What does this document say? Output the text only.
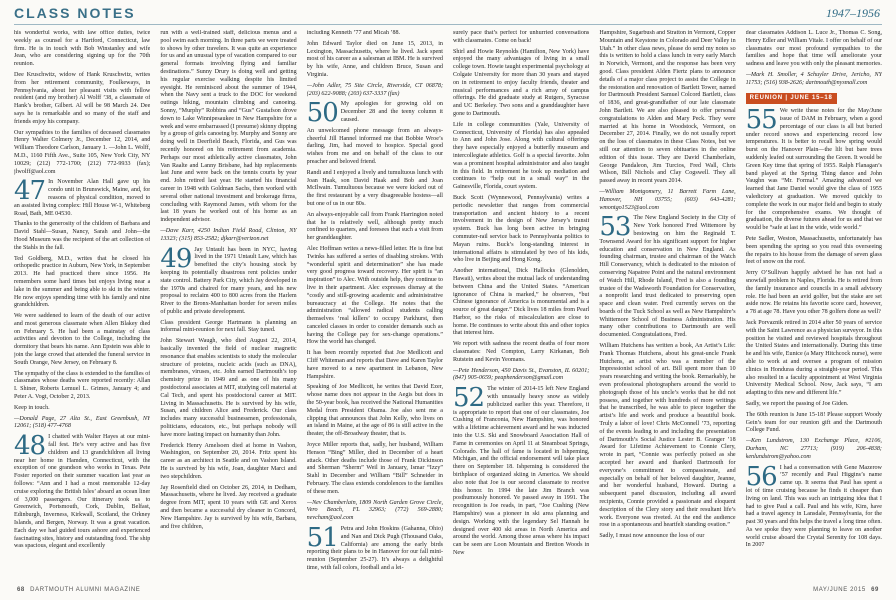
CLASS NOTES	1947–1956

his wonderful works, with law office duties, twice weekly as counsel for a Hartford, Connecticut, law firm. He is in touch with Bob Winstanley and wife Jean, who are considering signing up for the 70th reunion.

Dee Kruschwitz, widow of Hank Kruschwitz, writes from her retirement community, Foulkeways, in Pennsylvania, about her pleasant visits with fellow resident (and my brother) Al Wolff ’38, a classmate of Hank’s brother, Gilbert. Al will be 98 March 24. Dee says he is remarkable and so many of the staff and friends enjoy his company.

Our sympathies to the families of deceased classmates Henry Walter Colmery Jr., December 12, 2014, and William Theodore Carlson, January 1. —John L. Wolff, M.D., 1160 Fifth Ave., Suite 105, New York City, NY 10029; (212) 772-1700; (212) 772-9933 (fax); jlwolff@aol.com

47 In November Alan Hall gave up his condo unit in Brunswick, Maine, and, for reasons of physical condition, moved to an assisted living complex: Hill House W-1, Whiteberg Road, Bath, ME 04530.

Thanks to the generosity of the children of Barbara and David Stahl—Susan, Nancy, Sarah and John—the Hood Museum was the recipient of the art collection of the Stahls in the fall.

Ted Goldberg, M.D., writes that he closed his orthopedic practice in Auburn, New York, in September 2013. He had practiced there since 1956. He remembers some hard times but enjoys living near a lake in the summer and being able to ski in the winter. He now enjoys spending time with his family and nine grandchildren.

We were saddened to learn of the death of our active and most generous classmate when Allen Blakey died on February 5. He had been a mainstay of class activities and devotion to the College, including the dormitory that bears his name. Ann Epstein was able to join the large crowd that attended the funeral service in South Orange, New Jersey, on February 8.

The sympathy of the class is extended to the families of classmates whose deaths were reported recently: Allan I. Shiner, Roberts Lemuel L. Grimes, January 4; and Peter A. Vogt, October 2, 2013.

Keep in touch.

—Donald Page, 27 Alta St., East Greenbush, NY 12061; (518) 477-4768

48 I chatted with Walter Hayes at our mini-fall fest. He’s very active and has five children and 13 grandchildren all living near her home in Hamden, Connecticut, with the exception of one grandson who works in Texas. Pete Foster reported on their summer vacation last year as follows: “Ann and I had a most memorable 12-day cruise exploring the British Isles’ aboard an ocean liner of 3,000 passengers. Our itinerary took us to Greenwich, Portsmouth, Cork, Dublin, Belfast, Edinburgh, Inverness, Kirkwall, Scotland, the Orkney Islands, and Bergen, Norway. It was a great vacation. Each day we had guided tours ashore and experienced fascinating sites, history and outstanding food. The ship was spacious, elegant and excellently

run with a well-trained staff, delicious menus and a pool swim each morning. In three parts we were treated to shows by other travelers. It was quite an experience for us and an unusual type of vacation compared to our general formats involving flying and familiar destinations.” Sunny Drury is doing well and getting his regular exercise walking despite his limited eyesight. He reminisced about the summer of 1944, when the Navy sent a truck to the DOC for weekend outings hiking, mountain climbing and canoeing. Sonny, “Murphy” Robbins and “Gus” Gustafson drove down to Lake Winnipesaukee in New Hampshire for a week and were embarrassed (I presume) skinny dipping by a group of girls canoeing by. Murphy and Sonny are doing well in Deerfield Beach, Florida, and Gus was recently honored on his retirement from academia. Perhaps our most athletically active classmates, John Van Raalte and Lanny Brisbane, had hip replacements last June and were back on the tennis courts by year end. John retired last year. He started his financial career in 1948 with Goldman Sachs, then worked with several other national investment and brokerage firms, concluding with Raymond James, with whom for the last 18 years he worked out of his home as an independent advisor.

—Dave Karr, 4250 Indian Field Road, Clinton, NY 13323; (315) 853-2582; djkarr@verizon.net

49 Jay Untault has been in NYC, having lived in the 1971 Untault Law, which has benefited the city’s housing stock by keeping its potentially disastrous rent policies under state control. Battery Park City, which Jay developed in the 1970s and chaired for many years, and his new proposal to reclaim 400 to 800 acres from the Harlem River to the Bronx-Manhattan border for seven miles of public and private development.

Class president George Hartmann is planning an informal mini-reunion for next fall. Stay tuned.

John Stewart Waugh, who died August 22, 2014, basically invented the field of nuclear magnetic resonance that enables scientists to study the molecular structure of proteins, nucleic acids (such as DNA), membranes, viruses, etc. John earned Dartmouth’s top chemistry prize in 1949 and as one of his many postdoctoral associates at MIT, studying cell material at Cal Tech, and spent his postdoctoral career at MIT. Living in Massachusetts. He is survived by his wife, Susan, and children Alice and Frederick. Our class includes many successful businessmen, professionals, politicians, educators, etc., but perhaps nobody will have more lasting impact on humanity than John.

Frederick Henry Amelsoen died at home in Vashon, Washington, on September 20, 2014. Fritz spent his career as an architect in Seattle and on Vashon Island. He is survived by his wife, Joan, daughter Marci and two stepchildren.

Jay Rosenfield died on October 26, 2014, in Dedham, Massachusetts, where he lived. Jay received a graduate degree from MIT, spent 10 years with GE and Xerox and then became a successful dry cleaner in Concord, New Hampshire. Jay is survived by his wife, Barbara, and five children,

including Kenneth ’77 and Micah ’88.

John Edward Taylor died on June 15, 2013, in Lexington, Massachusetts, where he lived. Jack spent most of his career as a salesman at IBM. He is survived by his wife, Anne, and children Bruce, Susan and Virginia.

—John Adler, 75 Site Circle, Riverside, CT 06878; (203) 622-9088; (203) 637-3337 (fax)

50 My apologies for growing old on December 28 and the teeny column it caused.

An unwelcomed phone message from an always-cheerful Jill Hannel informed me that Bobbie Wroe’s darling, Jim, had moved to hospice. Special good wishes from me and on behalf of the class to our preacher and beloved friend.

Randi and I enjoyed a lively and tumultuous lunch with Joan Haak, son David Haak and Bob and Joan McIlwain. Tumultuous because we were kicked out of the first restaurant by a very disagreeable hostess—all but one of us in our 80s.

An always-enjoyable call from Frank Harrington noted that he is relatively well, although pretty much confined to quarters, and foresees that such a visit from her granddaughter.

Alec Hoffman writes a news-filled letter. He is fine but Twinks has suffered a series of disabling strokes. With “wonderful spirit and determination” she has made very good progress toward recovery. Her spirit is “an inspiration” to Alec. With outside help, they continue to live in their apartment. Alec expresses dismay at the “costly and still-growing academic and administrative bureaucracy at the College. He notes that the administration “allowed radical students calling themselves ‘real killers’ to occupy Parkhurst, then canceled classes in order to consider demands such as having the College pay for sex-change operations.” How the world has changed.

It has been recently reported that Joe Medlicott and Cliff Whiteman and reports that Dave and Karen Taylor have moved to a new apartment in Lebanon, New Hampshire.

Speaking of Joe Medlicott, he writes that David Ezer, whose name does not appear in the Aegis but does in the 50-year book, has received the National Humanities Medal from President Obama. Joe also sent me a clipping that announces that John Kelly, who lives on an island in Maine, at the age of 86 is still active in the theater, the off-Broadway theater, that is.

Joyce Miller reports that, sadly, her husband, William Henson “Bing” Miller, died in December of a heart attack. Other deaths include those of Frank Dickinson and Sherman “Sherm” Weil in January, Ismar “Izzy” Stahl in December and William “Bill” Schneider in February. The class extends condolences to the families of these men.

—Nev Chamberlain, 1809 North Garden Grove Circle, Vero Beach, FL 32963; (772) 569-2880; nevcham@aol.com

51 Petra and John Hoskins (Gahanna, Ohio) and Nan and Dick Pugh (Thousand Oaks, California) are among the early birds reporting their plans to be in Hanover for our fall mini-reunion (September 25-27). It’s always a delightful time, with fall colors, football and a lei-

surely pace that’s perfect for unhurried conversations with classmates. Come on back!

Shirl and Howie Reynolds (Hamilton, New York) have enjoyed the many advantages of living in a small college town. Howie taught experimental psychology at Colgate University for more than 30 years and stayed on in retirement to enjoy faculty friends, theater and musical performances and a rich array of campus offerings. He did graduate study at Rutgers, Syracuse and UC Berkeley. Two sons and a granddaughter have gone to Dartmouth.

Life in college communities (Yale, University of Connecticut, University of Florida) has also appealed to Ann and John Jose. Along with cultural offerings they have especially enjoyed a butterfly museum and intercollegiate athletics. Golf is a special favorite. John was a prominent hospital administrator and also taught in this field. In retirement he took up mediation and continues to “help out in a small way” in the Gainesville, Florida, court system.

Buck Scott (Wynnewood, Pennsylvania) writes a periodic newsletter that ranges from commercial transportation and ancient history to a recent involvement in the design of New Jersey’s transit system. Buck has long been active in bringing commuter-rail service back to Pennsylvania politics to Mayan ruins. Buck’s long-standing interest in international affairs is stimulated by two of his kids, who live in Beijing and Hong Kong.

Another international, Dick Hallocks (Glenolden, Hawaii), writes about the mutual lack of understanding between China and the United States. “American ignorance of China is marked,” he observes, “but Chinese ignorance of America is monumental and is a source of great danger.” Dick lives 18 miles from Pearl Harbor, so the risks of miscalculation are close to home. He continues to write about this and other topics that interest him.

We report with sadness the recent deaths of four more classmates: Ned Compton, Larry Kirkanan, Bob Rutstein and Kevin Yeomans.

—Pete Henderson, 450 Davis St., Evanston, IL 60201; (847) 905-0659; peaphenderson@gmail.com

52 The winter of 2014-15 left New England with unusually heavy snow as widely publicized earlier this year. Therefore, it is appropriate to report that one of our classmates, Joe Cushing of Franconia, New Hampshire, was honored with a lifetime achievement award and he was inducted into the U.S. Ski and Snowboard Association Hall of Fame in ceremonies on April 11 at Steamboat Springs, Colorado. The hall of fame is located in Ishpeming, Michigan, and the official endorsement will take place there on September 18. Ishpeming is considered the birthplace of organized skiing in America. We should also note that Joe is our second classmate to receive this honor. In 1994 the late Jim Branch was posthumously honored. Ye passed away in 1991. The recognition is Joe reads, in part, “Joe Cushing (New Hampshire) was a pioneer in ski area planning and design. Working with the legendary Sel Hannah he designed over 400 ski areas in North America and around the world. Among those areas where his impact can be seen are Loon Mountain and Bretton Woods in New

Hampshire, Sugarbush and Stratton in Vermont, Copper Mountain and Keystone in Colorado and Deer Valley in Utah.” In other class news, please do send my notes so this is written to hold a class lunch in very early March in Norwich, Vermont, and the response has been very good. Class president Alden Fiertz plans to announce details of a major class project to assist the College in the restoration and renovation of Bartlett Tower, named for Dartmouth President Samuel Colcord Bartlett, class of 1836, and great-grandfather of our late classmate John Bartlett. We are also pleased to offer personal congratulations to Alden and Mary Peck. They were married at his home in Woodstock, Vermont, on December 27, 2014. Finally, we do not usually report on the loss of classmates in these Class Notes, but we still our attention to seven obituaries in the online edition of this issue. They are David Chamberlain, George Pandaleon, Jim Turcios, Fred Wall, Chris Wilson, Bill Nichols and Clay Cogswell. They all passed away in recent years 2014.

—William Montgomery, 11 Barrett Farm Lane, Hanover, NH 03755; (603) 643-4281; wmontgo1523@aol.com

53 The New England Society in the City of New York honored Fred Wittemore by bestowing on him the Reginald T. Townsend Award for his significant support for higher education and conservation in New England. As founding chairman, trustee and chairman of the Watch Hill Conservancy, which is dedicated to the mission of conserving Napatree Point and the natural environment of Watch Hill, Rhode Island, Fred is also a founding trustee of the Wadsworth Foundation for Conservation, a nonprofit land trust dedicated to preserving open space and clean water. Fred currently serves on the boards of the Tuck School as well as New Hampshire’s Whittemore School of Business Administration. His many other contributions to Dartmouth are well documented. Congratulations, Fred.

William Hutchens has written a book, An Artist’s Life: Frank Thomas Hutchens, about his great-uncle Frank Hutchens, an artist who was a member of the Impressionist school of art. Bill spent more than 10 years researching and writing the book. Remarkably, he even professional photographers around the world to photograph those of his uncle’s works that he did not possess, and together with hundreds of more writings that he transcribed, he was able to piece together the artist’s life and work and produce a beautiful book. Truly a labor of love! Chris McConnell ’73, reporting of the events leading to and including the presentation of Dartmouth’s Social Justice Lester B. Granger ’18 Award for Lifetime Achievement to Connie Clery, wrote in part, “Connie was perfectly poised as she accepted her award and thanked Dartmouth for everyone’s commitment to compassionate, and especially on behalf of her beloved daughter, Jeanne, and her wonderful husband, Howard. During a subsequent panel discussion, including all award recipients, Connie provided a passionate and eloquent description of the Clery story and their resultant life’s work. Everyone was riveted. At the end the audience rose in a spontaneous and heartfelt standing ovation.”

Sadly, I must now announce the loss of our

dear classmates Addison L. Luce Jr., Thomas C. Song, Henry Edler and William Vitale. I offer on behalf of our classmates our most profound sympathies to the families and hope that time will ameliorate your sadness and leave you with only the pleasant memories.

—Mark H. Smoller, 4 Schuyler Drive, Jericho, NY 11753; (516) 938-2626; dartmouth@nysmall.com

REUNION | JUNE 15–18
55 We write these notes for the May/June issue of DAM in February, when a good percentage of our class is all but buried under record snows and experiencing record low temperatures. It is better to recall how spring would burst on the Hanover Plain—the lilt but bare trees suddenly leafed out surrounding the Green. It would be Green Key time that spring of 1955. Ralph Flanagan’s band played at the Spring Thing dance and John Vaughn was “Mr. Formal.” Amazing advanced we learned that Jane Daniel would give the class of 1955 valedictory at graduation. We moved quickly to complete the work in our major field and begin to study for the comprehensive exams. We thought of graduation, the diverse futures ahead for us and that we would be “safe at last in the wide, wide world.”

Pete Sadler, Weston, Massachusetts, unfortunately has been spending the spring so you read this overseeing the repairs to his house from the damage of seven glass feet of snow on the roof.

Jerry O’Sullivan happily advised he has not had a snowfall problem in Naples, Florida. He is retired from the family insurance and councils in a small advisory role. He had been an avid golfer, but the stake are set aside now. He retains his favorite score card, however, a 78 at age 78. Have you other 78 golfers done as well?

Jack Porvaznik retired in 2014 after 50 years of service with the Saint Lawrence as a physician surveyor. In this position he visited and reviewed hospitals throughout the United States and internationally. During this time he and his wife, Eunice (a Mary Hitchcock nurse), were able to work at and oversee a program of mission clinics in Honduras during a straight-year period. This also resulted in a faculty appointment at West Virginia University Medical School. Now, Jack says, “I am adapting to this new and different life.”

Sadly, we report the passing of Joe Giden.

The 60th reunion is June 15-18! Please support Woody Gein’s team for our reunion gift and the Dartmouth College Fund.

—Ken Lundstrom, 130 Exchange Place, #2106, Durham, NC 27713; (919) 206-4838; kenlundstrom@yahoo.com

56 I had a conversation with Gene Mazerow ’57 recently and Paul Higgins’s name came up. It seems that Paul has spent a lot of time cruising because he finds it cheaper than living on land. This was such an intriguing idea that I had to give Paul a call. Paul and his wife, Kim, have had a travel agency in Lansdale, Pennsylvania, for the past 30 years and this helps the travel a long time often. As we spoke they were planning to leave on another world cruise aboard the Crystal Serenity for 108 days. In 2007
68 DARTMOUTH ALUMNI MAGAZINE	MAY/JUNE 2015 69
